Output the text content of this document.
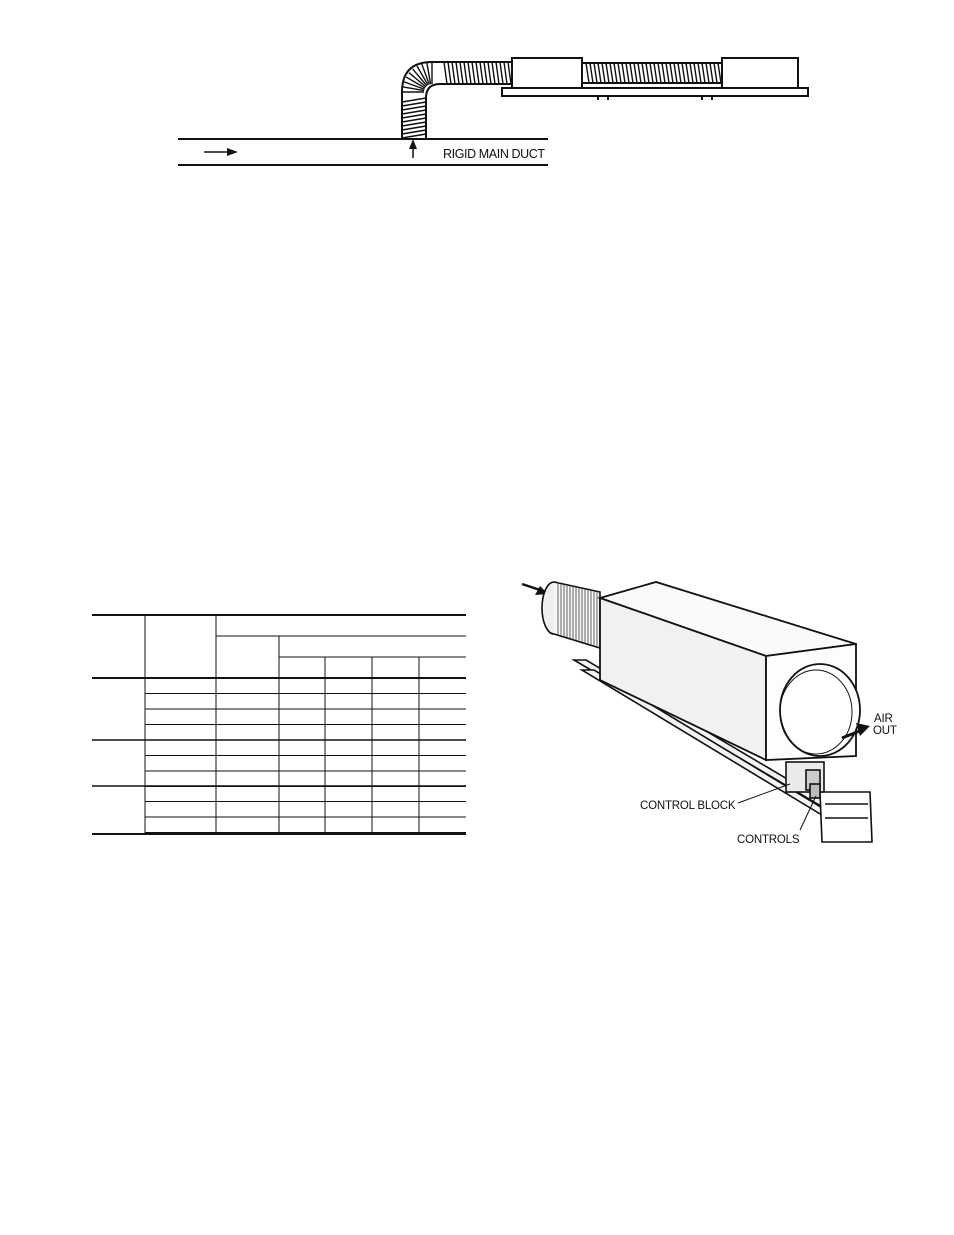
RIGID MAIN DUCT
AIR
OUT
CONTROL BLOCK
CONTROLS
